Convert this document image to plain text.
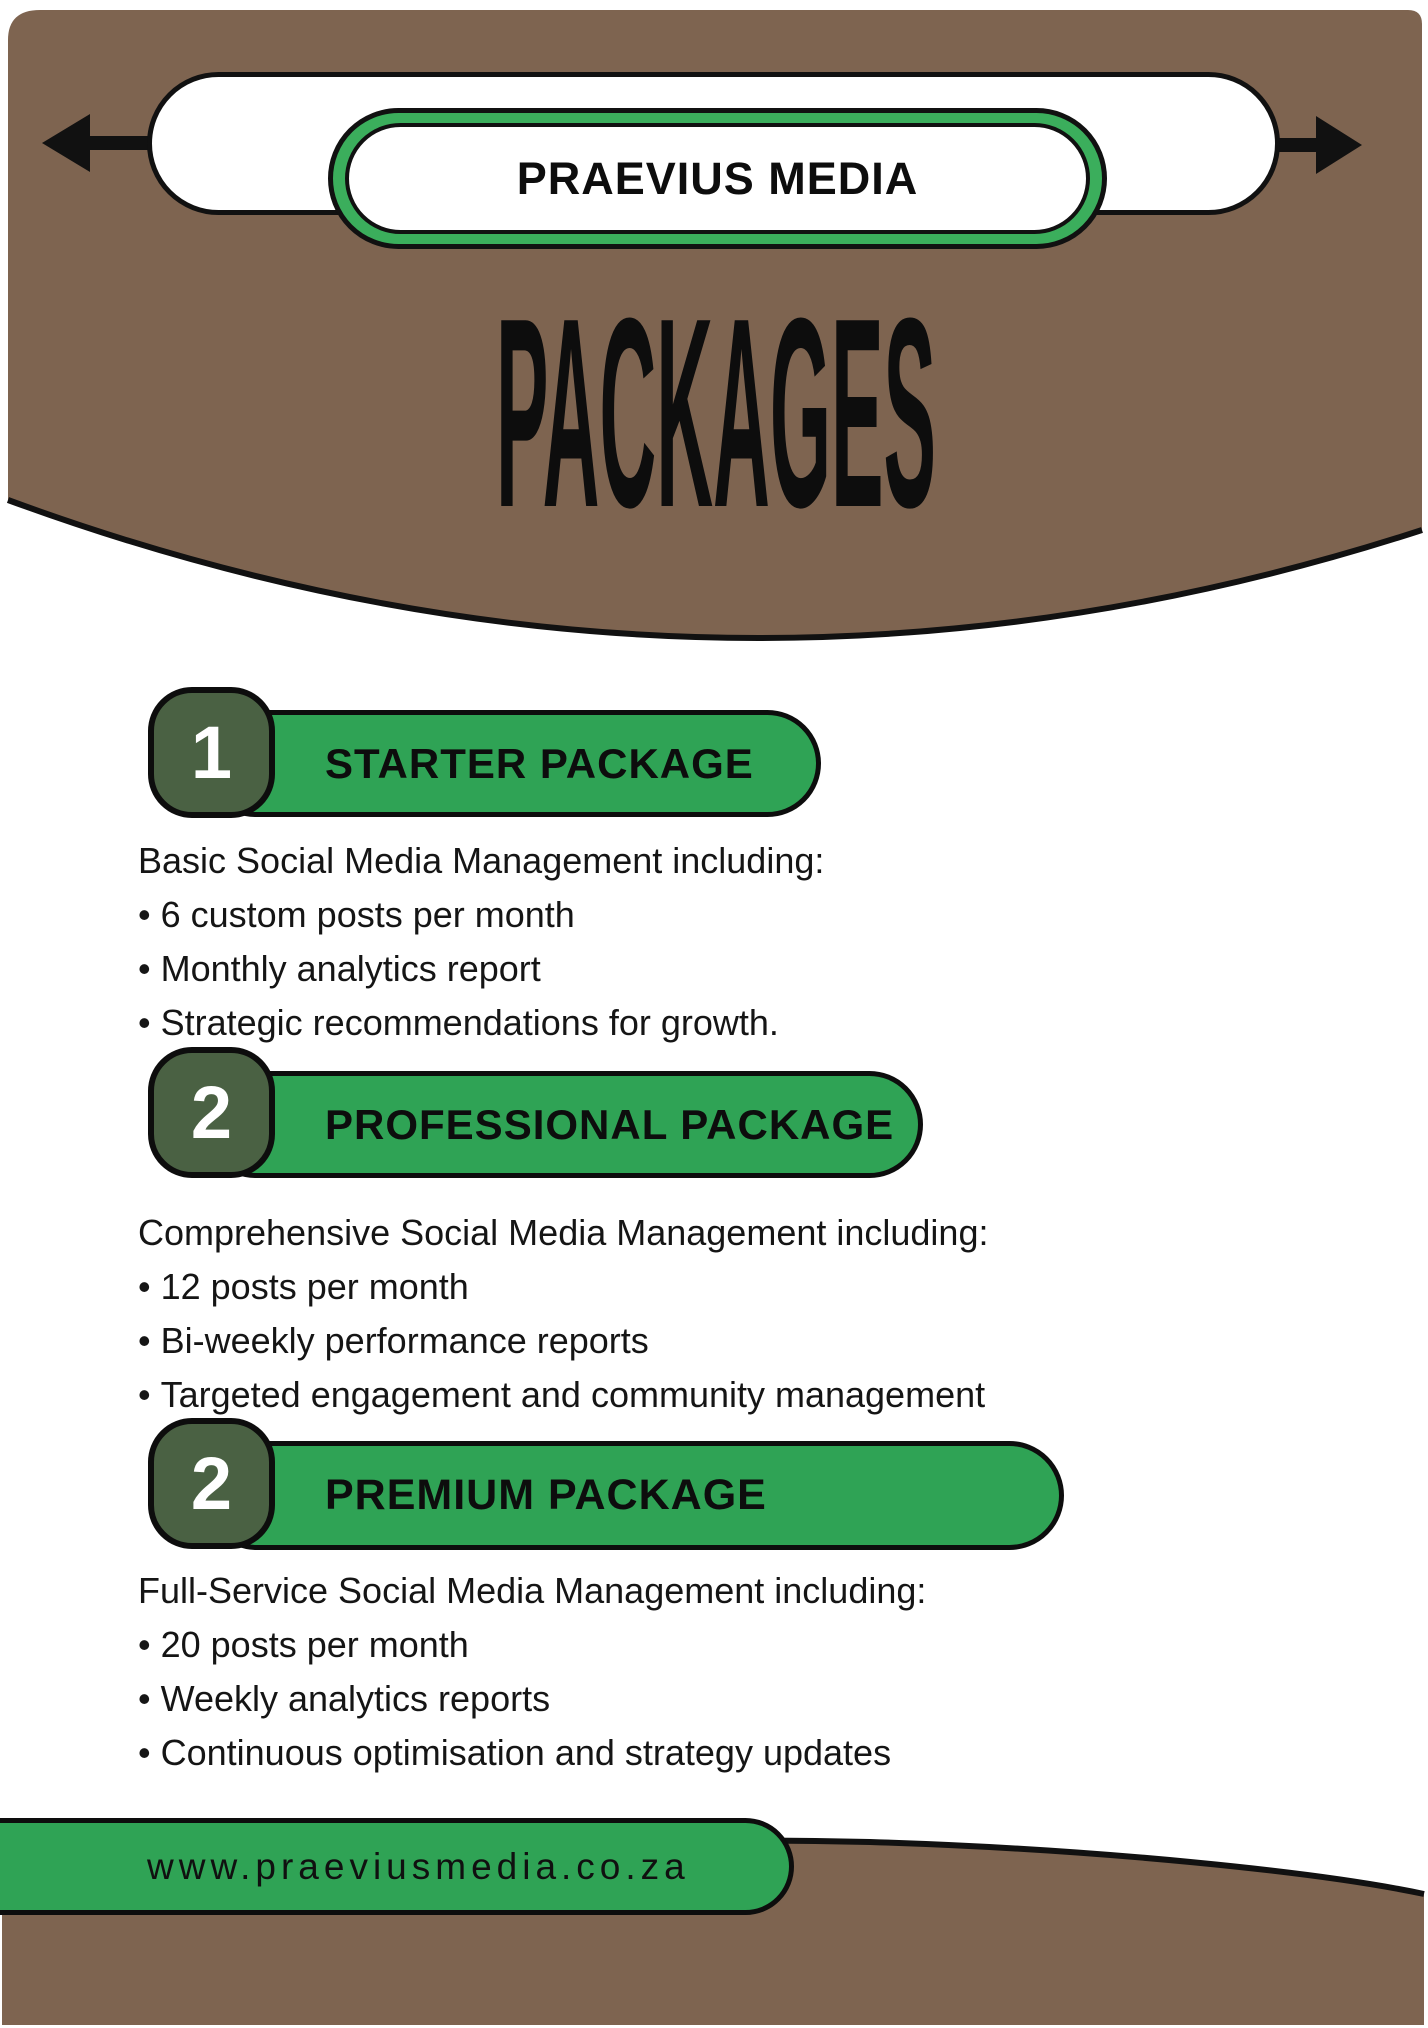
PACKAGES
PRAEVIUS MEDIA
1 STARTER PACKAGE
Basic Social Media Management including:
• 6 custom posts per month
• Monthly analytics report
• Strategic recommendations for growth.
2 PROFESSIONAL PACKAGE
Comprehensive Social Media Management including:
• 12 posts per month
• Bi-weekly performance reports
• Targeted engagement and community management
2 PREMIUM PACKAGE
Full-Service Social Media Management including:
• 20 posts per month
• Weekly analytics reports
• Continuous optimisation and strategy updates
www.praeviusmedia.co.za
